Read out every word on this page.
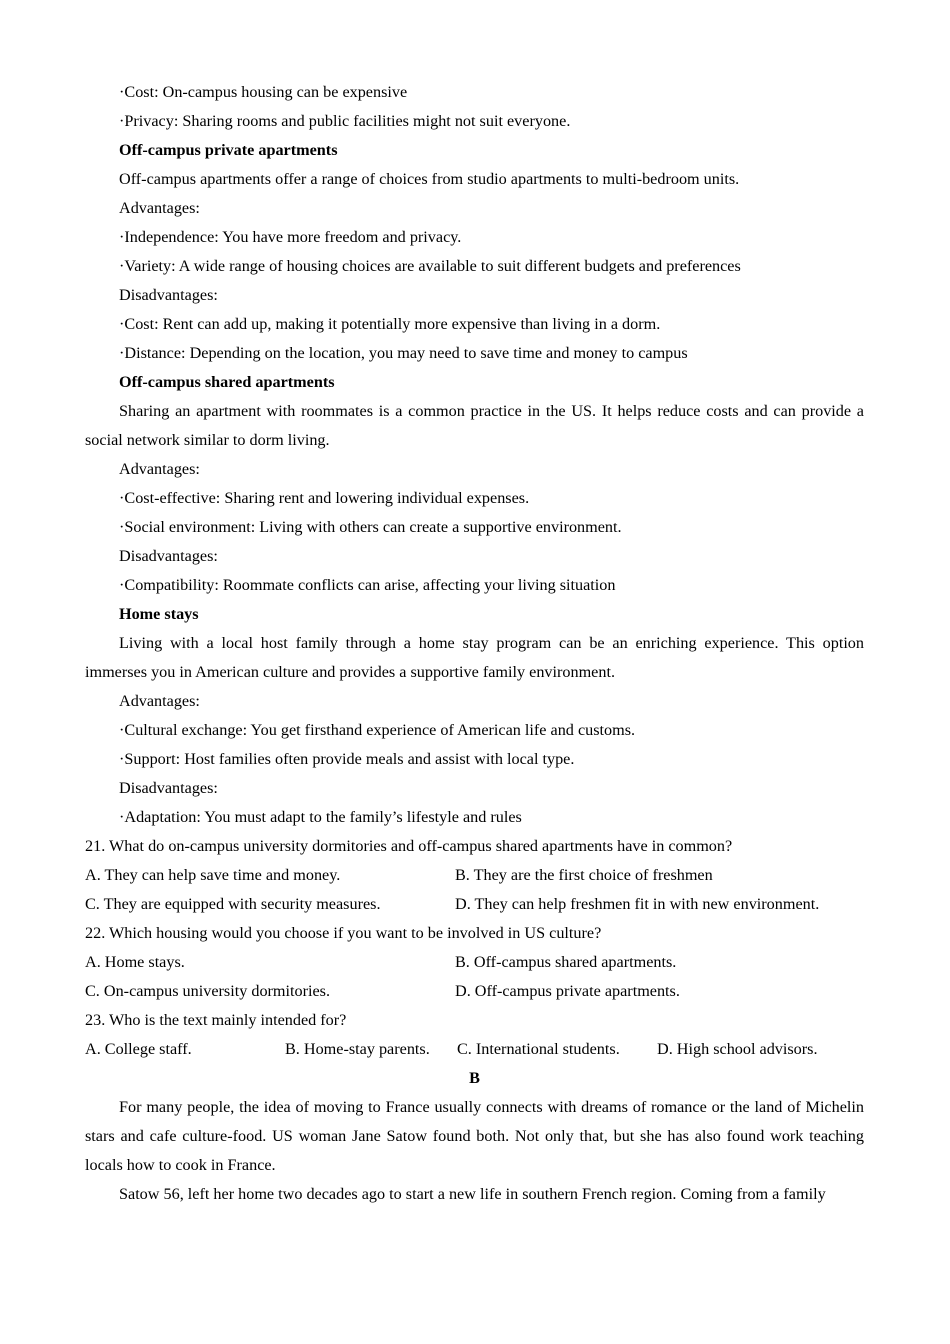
·Cost: On-campus housing can be expensive
·Privacy: Sharing rooms and public facilities might not suit everyone.
Off-campus private apartments
Off-campus apartments offer a range of choices from studio apartments to multi-bedroom units.
Advantages:
·Independence: You have more freedom and privacy.
·Variety: A wide range of housing choices are available to suit different budgets and preferences
Disadvantages:
·Cost: Rent can add up, making it potentially more expensive than living in a dorm.
·Distance: Depending on the location, you may need to save time and money to campus
Off-campus shared apartments

Sharing an apartment with roommates is a common practice in the US. It helps reduce costs and can provide a social network similar to dorm living.

Advantages:
·Cost-effective: Sharing rent and lowering individual expenses.
·Social environment: Living with others can create a supportive environment.
Disadvantages:
·Compatibility: Roommate conflicts can arise, affecting your living situation
Home stays

Living with a local host family through a home stay program can be an enriching experience. This option immerses you in American culture and provides a supportive family environment.

Advantages:
·Cultural exchange: You get firsthand experience of American life and customs.
·Support: Host families often provide meals and assist with local type.
Disadvantages:
·Adaptation: You must adapt to the family’s lifestyle and rules
21. What do on-campus university dormitories and off-campus shared apartments have in common?
A. They can help save time and money.	B. They are the first choice of freshmen
C. They are equipped with security measures.	D. They can help freshmen fit in with new environment.
22. Which housing would you choose if you want to be involved in US culture?
A. Home stays.	B. Off-campus shared apartments.
C. On-campus university dormitories.	D. Off-campus private apartments.
23. Who is the text mainly intended for?
A. College staff.	B. Home-stay parents. C. International students. D. High school advisors.
B

For many people, the idea of moving to France usually connects with dreams of romance or the land of Michelin stars and cafe culture-food. US woman Jane Satow found both. Not only that, but she has also found work teaching locals how to cook in France.

Satow 56, left her home two decades ago to start a new life in southern French region. Coming from a family
